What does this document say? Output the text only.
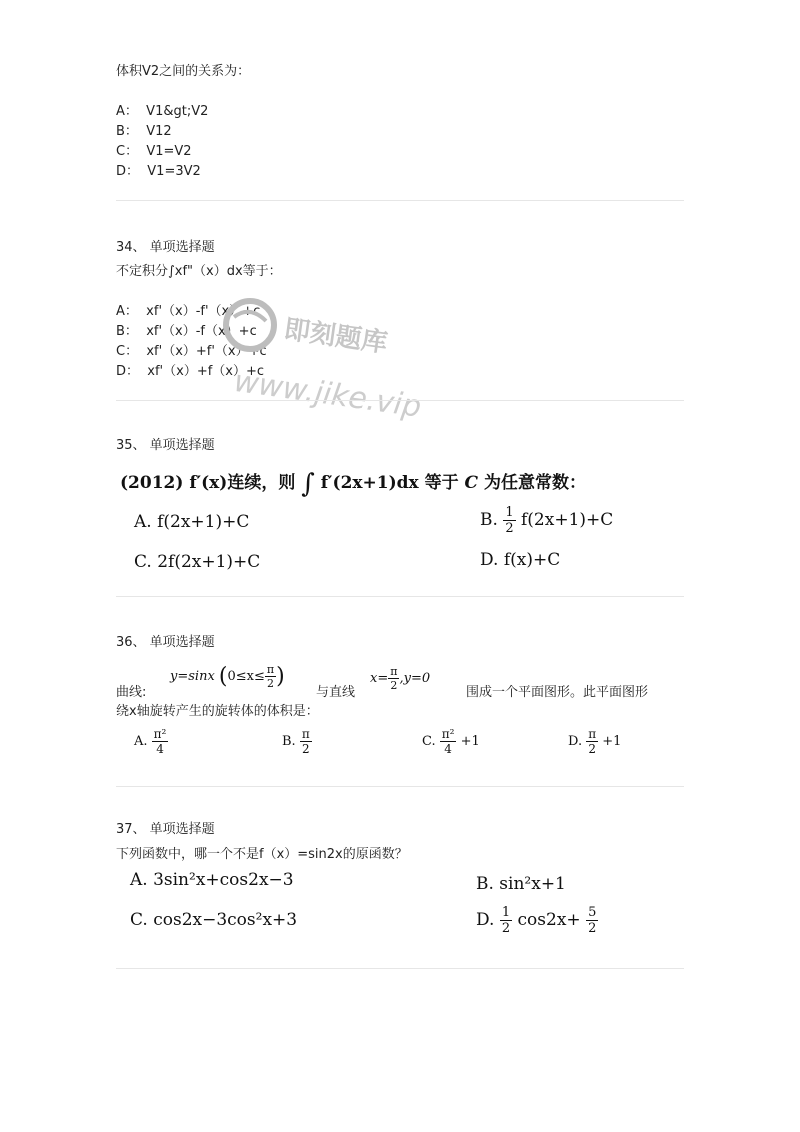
体积V2之间的关系为：
A： V1&gt;V2
B： V12
C： V1=V2
D： V1=3V2
34、 单项选择题
不定积分∫xf"（x）dx等于：
A： xf'（x）-f'（x）+c
B： xf'（x）-f（x）+c
C： xf'（x）+f'（x）+c
D： xf'（x）+f（x）+c
即刻题库
www.jike.vip
35、 单项选择题
(2012) f′(x)连续，则 ∫ f′(2x+1)dx 等于 C 为任意常数：
A. f(2x+1)+C	B. $\frac{1}{2} f(2x+1)+C$
C. 2f(2x+1)+C	D. f(x)+C
36、 单项选择题
曲线:
y=sinx ($0\le x\le \frac{\pi}{2}$ )
与直线
$x= \frac{\pi}{2} ,y=0$
围成一个平面图形。此平面图形
绕x轴旋转产生的旋转体的体积是：
A. $\frac{\text{π²}}{4}$	B. $\frac{\pi}{2}$	C. $\frac{\text{π²}}{4} +1$	D. $\frac{\pi}{2} +1$
37、 单项选择题
下列函数中，哪一个不是f（x）=sin2x的原函数？
A. 3sin²x+cos2x−3	B. sin²x+1
C. cos2x−3cos²x+3	D. $\frac{1}{2} \cos 2x+ \frac{5}{2}$
